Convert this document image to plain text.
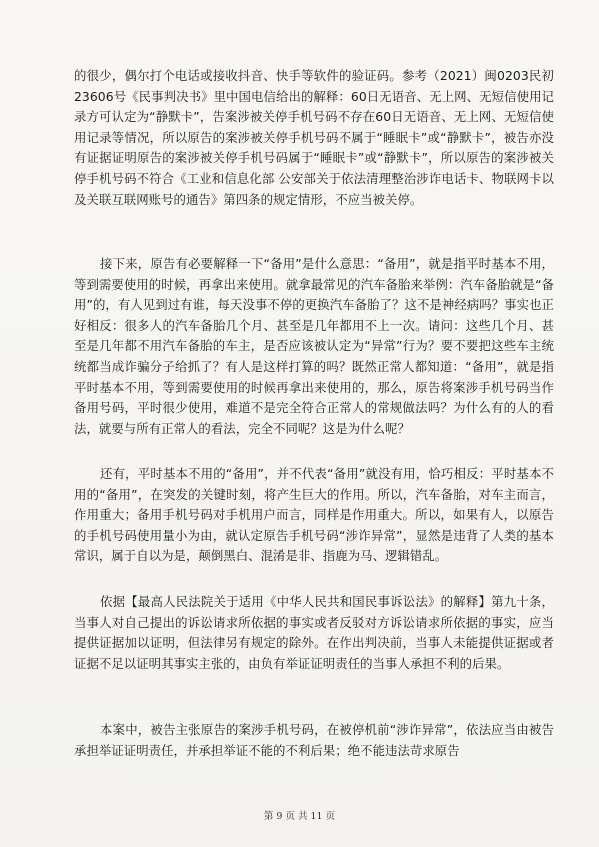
的很少，偶尔打个电话或接收抖音、快手等软件的验证码。参考（2021）闽0203民初23606号《民事判决书》里中国电信给出的解释：60日无语音、无上网、无短信使用记录方可认定为“静默卡”，告案涉被关停手机号码不存在60日无语音、无上网、无短信使用记录等情况，所以原告的案涉被关停手机号码不属于“睡眠卡”或“静默卡”，被告亦没有证据证明原告的案涉被关停手机号码属于“睡眠卡”或“静默卡”，所以原告的案涉被关停手机号码不符合《工业和信息化部 公安部关于依法清理整治涉诈电话卡、物联网卡以及关联互联网账号的通告》第四条的规定情形，不应当被关停。

接下来，原告有必要解释一下“备用”是什么意思：“备用”，就是指平时基本不用，等到需要使用的时候，再拿出来使用。就拿最常见的汽车备胎来举例：汽车备胎就是“备用”的，有人见到过有谁，每天没事不停的更换汽车备胎了？这不是神经病吗？事实也正好相反：很多人的汽车备胎几个月、甚至是几年都用不上一次。请问：这些几个月、甚至是几年都不用汽车备胎的车主，是否应该被认定为“异常”行为？要不要把这些车主统统都当成诈骗分子给抓了？有人是这样打算的吗？既然正常人都知道：“备用”，就是指平时基本不用，等到需要使用的时候再拿出来使用的，那么，原告将案涉手机号码当作备用号码，平时很少使用，难道不是完全符合正常人的常规做法吗？为什么有的人的看法，就要与所有正常人的看法，完全不同呢？这是为什么呢？

还有，平时基本不用的“备用”，并不代表“备用”就没有用，恰巧相反：平时基本不用的“备用”，在突发的关键时刻，将产生巨大的作用。所以，汽车备胎，对车主而言，作用重大；备用手机号码对手机用户而言，同样是作用重大。所以，如果有人，以原告的手机号码使用量小为由，就认定原告手机号码“涉诈异常”，显然是违背了人类的基本常识，属于自以为是，颠倒黑白、混淆是非、指鹿为马、逻辑错乱。

依据【最高人民法院关于适用《中华人民共和国民事诉讼法》的解释】第九十条，当事人对自己提出的诉讼请求所依据的事实或者反驳对方诉讼请求所依据的事实，应当提供证据加以证明，但法律另有规定的除外。在作出判决前，当事人未能提供证据或者证据不足以证明其事实主张的，由负有举证证明责任的当事人承担不利的后果。

本案中，被告主张原告的案涉手机号码，在被停机前“涉诈异常”，依法应当由被告承担举证证明责任，并承担举证不能的不利后果；绝不能违法苛求原告

第 9 页 共 11 页
